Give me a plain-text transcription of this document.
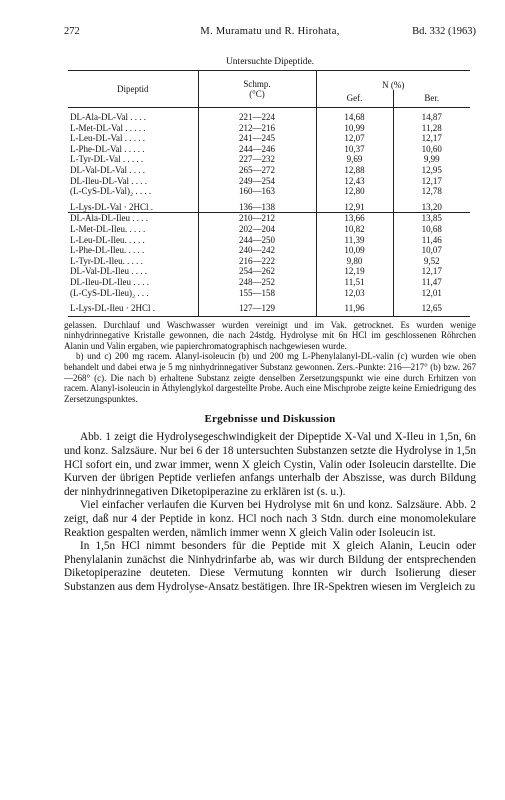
272	M. Muramatu und R. Hirohata,	Bd. 332 (1963)
Untersuchte Dipeptide.
Dipeptid	Schmp.
(°C)	N (%)	
		Gef.	Ber.
DL-Ala-DL-Val . . . .	221—224	14,68	14,87
L-Met-DL-Val . . . . .	212—216	10,99	11,28
L-Leu-DL-Val . . . . .	241—245	12,07	12,17
L-Phe-DL-Val . . . . .	244—246	10,37	10,60
L-Tyr-DL-Val . . . . .	227—232	9,69	9,99
DL-Val-DL-Val . . . .	265—272	12,88	12,95
DL-Ileu-DL-Val . . . .	249—254	12,43	12,17
(L-CyS-DL-Val)₂ . . . .	160—163	12,80	12,78

L-Lys-DL-Val · 2HCl .	136—138	12,91	13,20
DL-Ala-DL-Ileu . . . .	210—212	13,66	13,85
L-Met-DL-Ileu. . . . .	202—204	10,82	10,68
L-Leu-DL-Ileu. . . . .	244—250	11,39	11,46
L-Phe-DL-Ileu. . . . .	240—242	10,09	10,07
L-Tyr-DL-Ileu. . . . .	216—222	9,80	9,52
DL-Val-DL-Ileu . . . .	254—262	12,19	12,17
DL-Ileu-DL-Ileu . . . .	248—252	11,51	11,47
(L-CyS-DL-Ileu)₂ . . .	155—158	12,03	12,01

L-Lys-DL-Ileu · 2HCl .	127—129	11,96	12,65

gelassen. Durchlauf und Waschwasser wurden vereinigt und im Vak. getrocknet. Es wurden wenige ninhydrinnegative Kristalle gewonnen, die nach 24stdg. Hydrolyse mit 6n HCl im geschlossenen Röhrchen Alanin und Valin ergaben, wie papierchromatographisch nachgewiesen wurde.

b) und c) 200 mg racem. Alanyl-isoleucin (b) und 200 mg L-Phenylalanyl-DL-valin (c) wurden wie oben behandelt und dabei etwa je 5 mg ninhydrinnegativer Substanz gewonnen. Zers.-Punkte: 216—217° (b) bzw. 267—268° (c). Die nach b) erhaltene Substanz zeigte denselben Zersetzungspunkt wie eine durch Erhitzen von racem. Alanyl-isoleucin in Äthylenglykol dargestellte Probe. Auch eine Mischprobe zeigte keine Erniedrigung des Zersetzungspunktes.

Ergebnisse und Diskussion

Abb. 1 zeigt die Hydrolysegeschwindigkeit der Dipeptide X-Val und X-Ileu in 1,5n, 6n und konz. Salzsäure. Nur bei 6 der 18 untersuchten Substanzen setzte die Hydrolyse in 1,5n HCl sofort ein, und zwar immer, wenn X gleich Cystin, Valin oder Isoleucin darstellte. Die Kurven der übrigen Peptide verliefen anfangs unterhalb der Abszisse, was durch Bildung der ninhydrinnegativen Diketopiperazine zu erklären ist (s. u.).

Viel einfacher verlaufen die Kurven bei Hydrolyse mit 6n und konz. Salzsäure. Abb. 2 zeigt, daß nur 4 der Peptide in konz. HCl noch nach 3 Stdn. durch eine monomolekulare Reaktion gespalten werden, nämlich immer wenn X gleich Valin oder Isoleucin ist.

In 1,5n HCl nimmt besonders für die Peptide mit X gleich Alanin, Leucin oder Phenylalanin zunächst die Ninhydrinfarbe ab, was wir durch Bildung der entsprechenden Diketopiperazine deuteten. Diese Vermutung konnten wir durch Isolierung dieser Substanzen aus dem Hydrolyse-Ansatz bestätigen. Ihre IR-Spektren wiesen im Vergleich zu
